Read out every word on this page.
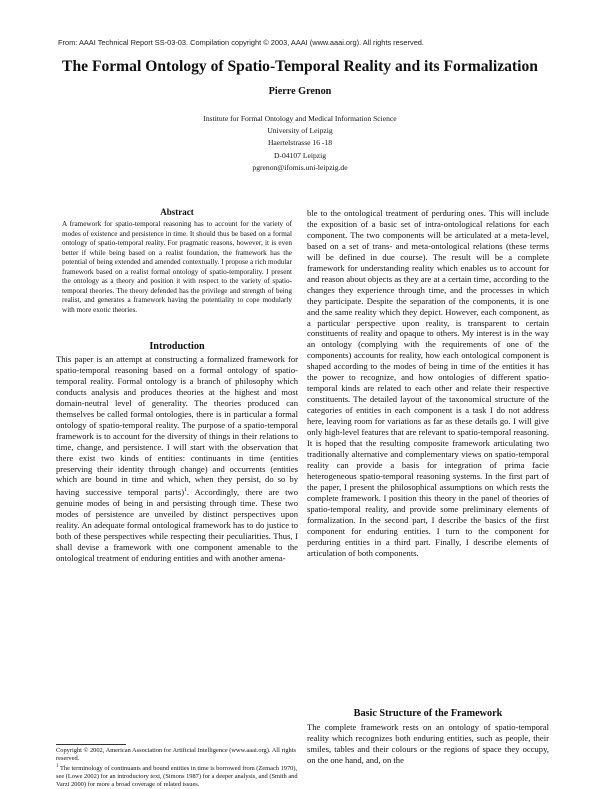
From: AAAI Technical Report SS-03-03. Compilation copyright © 2003, AAAI (www.aaai.org). All rights reserved.
The Formal Ontology of Spatio-Temporal Reality and its Formalization
Pierre Grenon
Institute for Formal Ontology and Medical Information Science
University of Leipzig
Haertelstrasse 16 -18
D-04107 Leipzig
pgrenon@ifomis.uni-leipzig.de
Abstract

A framework for spatio-temporal reasoning has to account for the variety of modes of existence and persistence in time. It should thus be based on a formal ontology of spatio-temporal reality. For pragmatic reasons, however, it is even better if while being based on a realist foundation, the framework has the potential of being extended and amended contextually. I propose a rich modular framework based on a realist formal ontology of spatio-temporality. I present the ontology as a theory and position it with respect to the variety of spatio-temporal theories. The theory defended has the privilege and strength of being realist, and generates a framework having the potentiality to cope modularly with more exotic theories.

Introduction

This paper is an attempt at constructing a formalized framework for spatio-temporal reasoning based on a formal ontology of spatio-temporal reality. Formal ontology is a branch of philosophy which conducts analysis and produces theories at the highest and most domain-neutral level of generality. The theories produced can themselves be called formal ontologies, there is in particular a formal ontology of spatio-temporal reality. The purpose of a spatio-temporal framework is to account for the diversity of things in their relations to time, change, and persistence. I will start with the observation that there exist two kinds of entities: continuants in time (entities preserving their identity through change) and occurrents (entities which are bound in time and which, when they persist, do so by having successive temporal parts)$^1$. Accordingly, there are two genuine modes of being in and persisting through time. These two modes of persistence are unveiled by distinct perspectives upon reality. An adequate formal ontological framework has to do justice to both of these perspectives while respecting their peculiarities. Thus, I shall devise a framework with one component amenable to the ontological treatment of enduring entities and with another amena-

Copyright © 2002, American Association for Artificial Intelligence (www.aaai.org). All rights reserved.

$^1$ The terminology of continuants and bound entities in time is borrowed from (Zemach 1970), see (Lowe 2002) for an introductory text, (Simons 1987) for a deeper analysis, and (Smith and Varzi 2000) for more a broad coverage of related issues.

ble to the ontological treatment of perduring ones. This will include the exposition of a basic set of intra-ontological relations for each component. The two components will be articulated at a meta-level, based on a set of trans- and meta-ontological relations (these terms will be defined in due course). The result will be a complete framework for understanding reality which enables us to account for and reason about objects as they are at a certain time, according to the changes they experience through time, and the processes in which they participate. Despite the separation of the components, it is one and the same reality which they depict. However, each component, as a particular perspective upon reality, is transparent to certain constituents of reality and opaque to others. My interest is in the way an ontology (complying with the requirements of one of the components) accounts for reality, how each ontological component is shaped according to the modes of being in time of the entities it has the power to recognize, and how ontologies of different spatio-temporal kinds are related to each other and relate their respective constituents. The detailed layout of the taxonomical structure of the categories of entities in each component is a task I do not address here, leaving room for variations as far as these details go. I will give only high-level features that are relevant to spatio-temporal reasoning. It is hoped that the resulting composite framework articulating two traditionally alternative and complementary views on spatio-temporal reality can provide a basis for integration of prima facie heterogeneous spatio-temporal reasoning systems. In the first part of the paper, I present the philosophical assumptions on which rests the complete framework. I position this theory in the panel of theories of spatio-temporal reality, and provide some preliminary elements of formalization. In the second part, I describe the basics of the first component for enduring entities. I turn to the component for perduring entities in a third part. Finally, I describe elements of articulation of both components.

Basic Structure of the Framework

The complete framework rests on an ontology of spatio-temporal reality which recognizes both enduring entities, such as people, their smiles, tables and their colours or the regions of space they occupy, on the one hand, and, on the
